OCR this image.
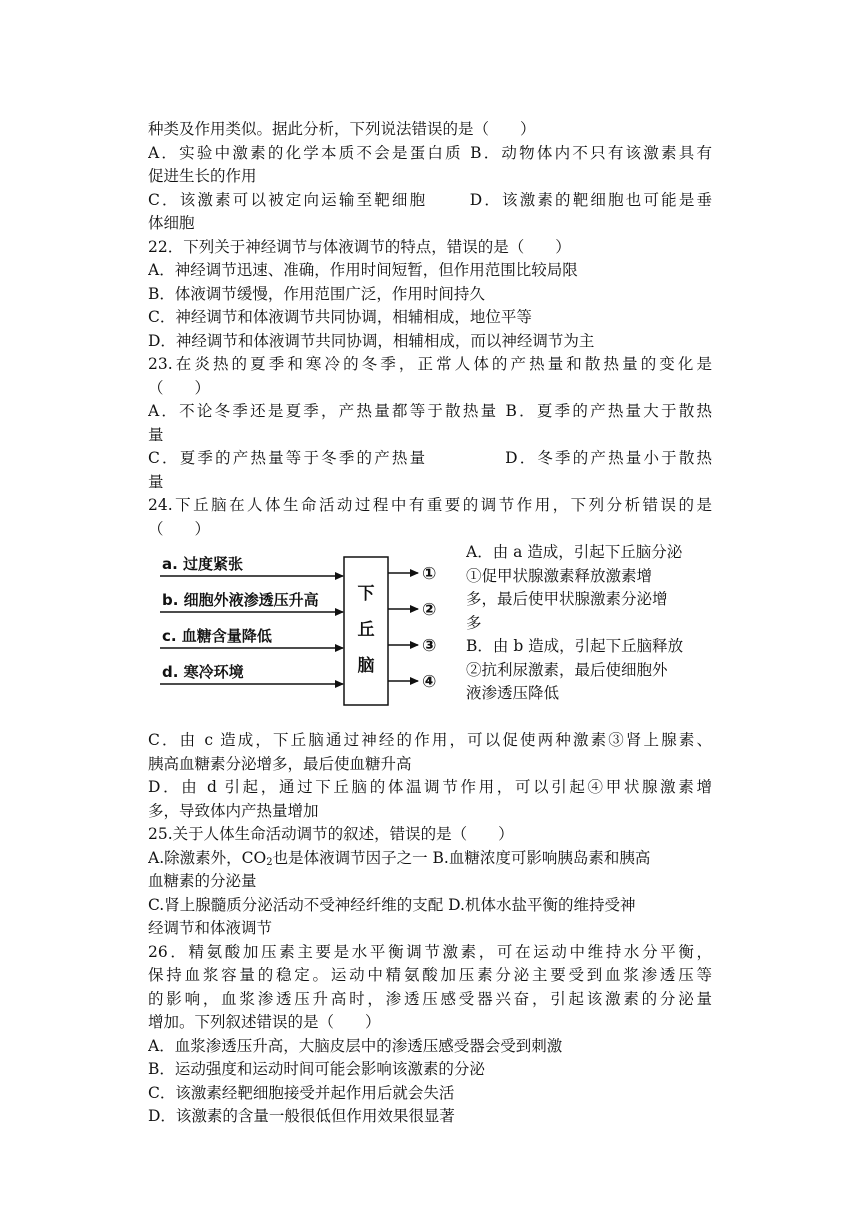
种类及作用类似。据此分析，下列说法错误的是（　　）
A．实验中激素的化学本质不会是蛋白质 B．动物体内不只有该激素具有
促进生长的作用
C．该激素可以被定向运输至靶细胞　　 D．该激素的靶细胞也可能是垂
体细胞
22．下列关于神经调节与体液调节的特点，错误的是（　　）
A．神经调节迅速、准确，作用时间短暂，但作用范围比较局限
B．体液调节缓慢，作用范围广泛，作用时间持久
C．神经调节和体液调节共同协调，相辅相成，地位平等
D．神经调节和体液调节共同协调，相辅相成，而以神经调节为主
23.在炎热的夏季和寒冷的冬季，正常人体的产热量和散热量的变化是
（　　）
A．不论冬季还是夏季，产热量都等于散热量 B．夏季的产热量大于散热
量
C．夏季的产热量等于冬季的产热量　　　　 D．冬季的产热量小于散热
量
24.下丘脑在人体生命活动过程中有重要的调节作用，下列分析错误的是
（　　）
a. 过度紧张
b. 细胞外液渗透压升高
c. 血糖含量降低
d. 寒冷环境
下
丘
脑
①
②
③
④
A．由 a 造成，引起下丘脑分泌
①促甲状腺激素释放激素增
多，最后使甲状腺激素分泌增
多
B．由 b 造成，引起下丘脑释放
②抗利尿激素，最后使细胞外
液渗透压降低
C．由 c 造成，下丘脑通过神经的作用，可以促使两种激素③肾上腺素、
胰高血糖素分泌增多，最后使血糖升高
D．由 d 引起，通过下丘脑的体温调节作用，可以引起④甲状腺激素增
多，导致体内产热量增加
25.关于人体生命活动调节的叙述，错误的是（　　）
A.除激素外，$CO_2$也是体液调节因子之一 B.血糖浓度可影响胰岛素和胰高
血糖素的分泌量
C.肾上腺髓质分泌活动不受神经纤维的支配 D.机体水盐平衡的维持受神
经调节和体液调节
26．精氨酸加压素主要是水平衡调节激素，可在运动中维持水分平衡，
保持血浆容量的稳定。运动中精氨酸加压素分泌主要受到血浆渗透压等
的影响，血浆渗透压升高时，渗透压感受器兴奋，引起该激素的分泌量
增加。下列叙述错误的是（　　）
A．血浆渗透压升高，大脑皮层中的渗透压感受器会受到刺激
B．运动强度和运动时间可能会影响该激素的分泌
C．该激素经靶细胞接受并起作用后就会失活
D．该激素的含量一般很低但作用效果很显著
